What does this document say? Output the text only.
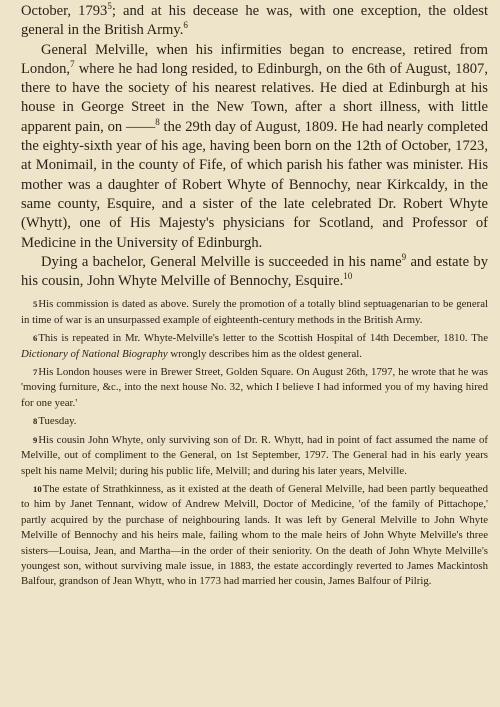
October, 1793$^5$; and at his decease he was, with one exception, the oldest general in the British Army.$^6$

General Melville, when his infirmities began to encrease, retired from London,$^7$ where he had long resided, to Edinburgh, on the 6th of August, 1807, there to have the society of his nearest relatives. He died at Edinburgh at his house in George Street in the New Town, after a short illness, with little apparent pain, on ——$^8$ the 29th day of August, 1809. He had nearly completed the eighty-sixth year of his age, having been born on the 12th of October, 1723, at Monimail, in the county of Fife, of which parish his father was minister. His mother was a daughter of Robert Whyte of Bennochy, near Kirkcaldy, in the same county, Esquire, and a sister of the late celebrated Dr. Robert Whyte (Whytt), one of His Majesty's physicians for Scotland, and Professor of Medicine in the University of Edinburgh.

Dying a bachelor, General Melville is succeeded in his name$^9$ and estate by his cousin, John Whyte Melville of Bennochy, Esquire.$^{10}$

5His commission is dated as above. Surely the promotion of a totally blind septuagenarian to be general in time of war is an unsurpassed example of eighteenth-century methods in the British Army.

6This is repeated in Mr. Whyte-Melville's letter to the Scottish Hospital of 14th December, 1810. The Dictionary of National Biography wrongly describes him as the oldest general.

7His London houses were in Brewer Street, Golden Square. On August 26th, 1797, he wrote that he was 'moving furniture, &c., into the next house No. 32, which I believe I had informed you of my having hired for one year.'

8Tuesday.

9His cousin John Whyte, only surviving son of Dr. R. Whytt, had in point of fact assumed the name of Melville, out of compliment to the General, on 1st September, 1797. The General had in his early years spelt his name Melvil; during his public life, Melvill; and during his later years, Melville.

10The estate of Strathkinness, as it existed at the death of General Melville, had been partly bequeathed to him by Janet Tennant, widow of Andrew Melvill, Doctor of Medicine, 'of the family of Pittachope,' partly acquired by the purchase of neighbouring lands. It was left by General Melville to John Whyte Melville of Bennochy and his heirs male, failing whom to the male heirs of John Whyte Melville's three sisters—Louisa, Jean, and Martha—in the order of their seniority. On the death of John Whyte Melville's youngest son, without surviving male issue, in 1883, the estate accordingly reverted to James Mackintosh Balfour, grandson of Jean Whytt, who in 1773 had married her cousin, James Balfour of Pilrig.
